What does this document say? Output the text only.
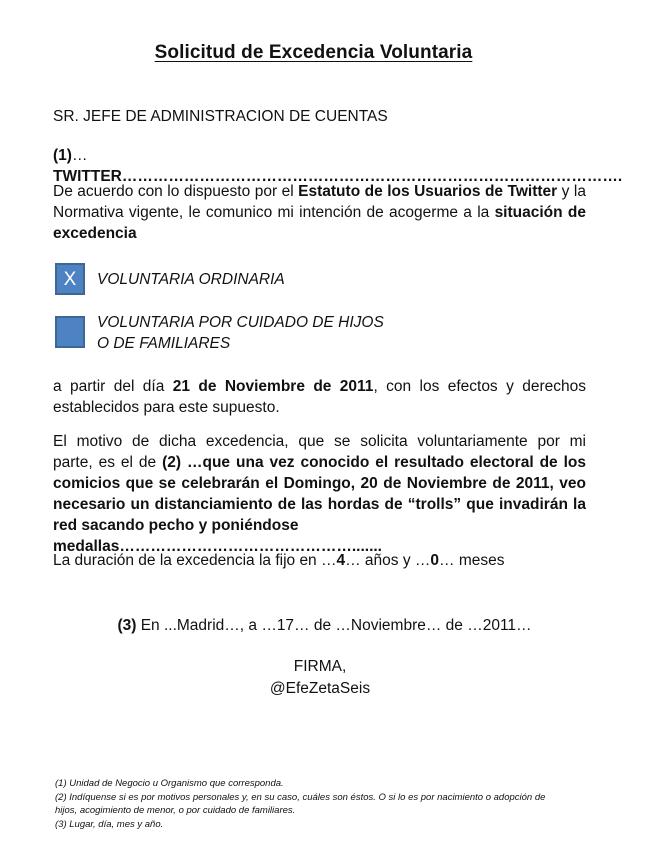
Solicitud de Excedencia Voluntaria
SR. JEFE DE ADMINISTRACION DE CUENTAS
(1)…TWITTER…………………………………………………………………………………….
De acuerdo con lo dispuesto por el Estatuto de los Usuarios de Twitter y la Normativa vigente, le comunico mi intención de acogerme a la situación de excedencia
X	VOLUNTARIA ORDINARIA
VOLUNTARIA POR CUIDADO DE HIJOS
O DE FAMILIARES
a partir del día 21 de Noviembre de 2011, con los efectos y derechos establecidos para este supuesto.
El motivo de dicha excedencia, que se solicita voluntariamente por mi
parte, es el de (2) …que una vez conocido el resultado electoral de los
comicios que se celebrarán el Domingo, 20 de Noviembre de 2011, veo
necesario un distanciamiento de las hordas de “trolls” que invadirán la
red sacando pecho y poniéndose medallas……………………………………….......
La duración de la excedencia la fijo en …4… años y …0… meses
(3) En ...Madrid…, a …17… de …Noviembre… de …2011…
FIRMA,
@EfeZetaSeis
(1) Unidad de Negocio u Organismo que corresponda.
(2) Indíquense si es por motivos personales y, en su caso, cuáles son éstos. O si lo es por nacimiento o adopción de
hijos, acogimiento de menor, o por cuidado de familiares.
(3) Lugar, día, mes y año.
